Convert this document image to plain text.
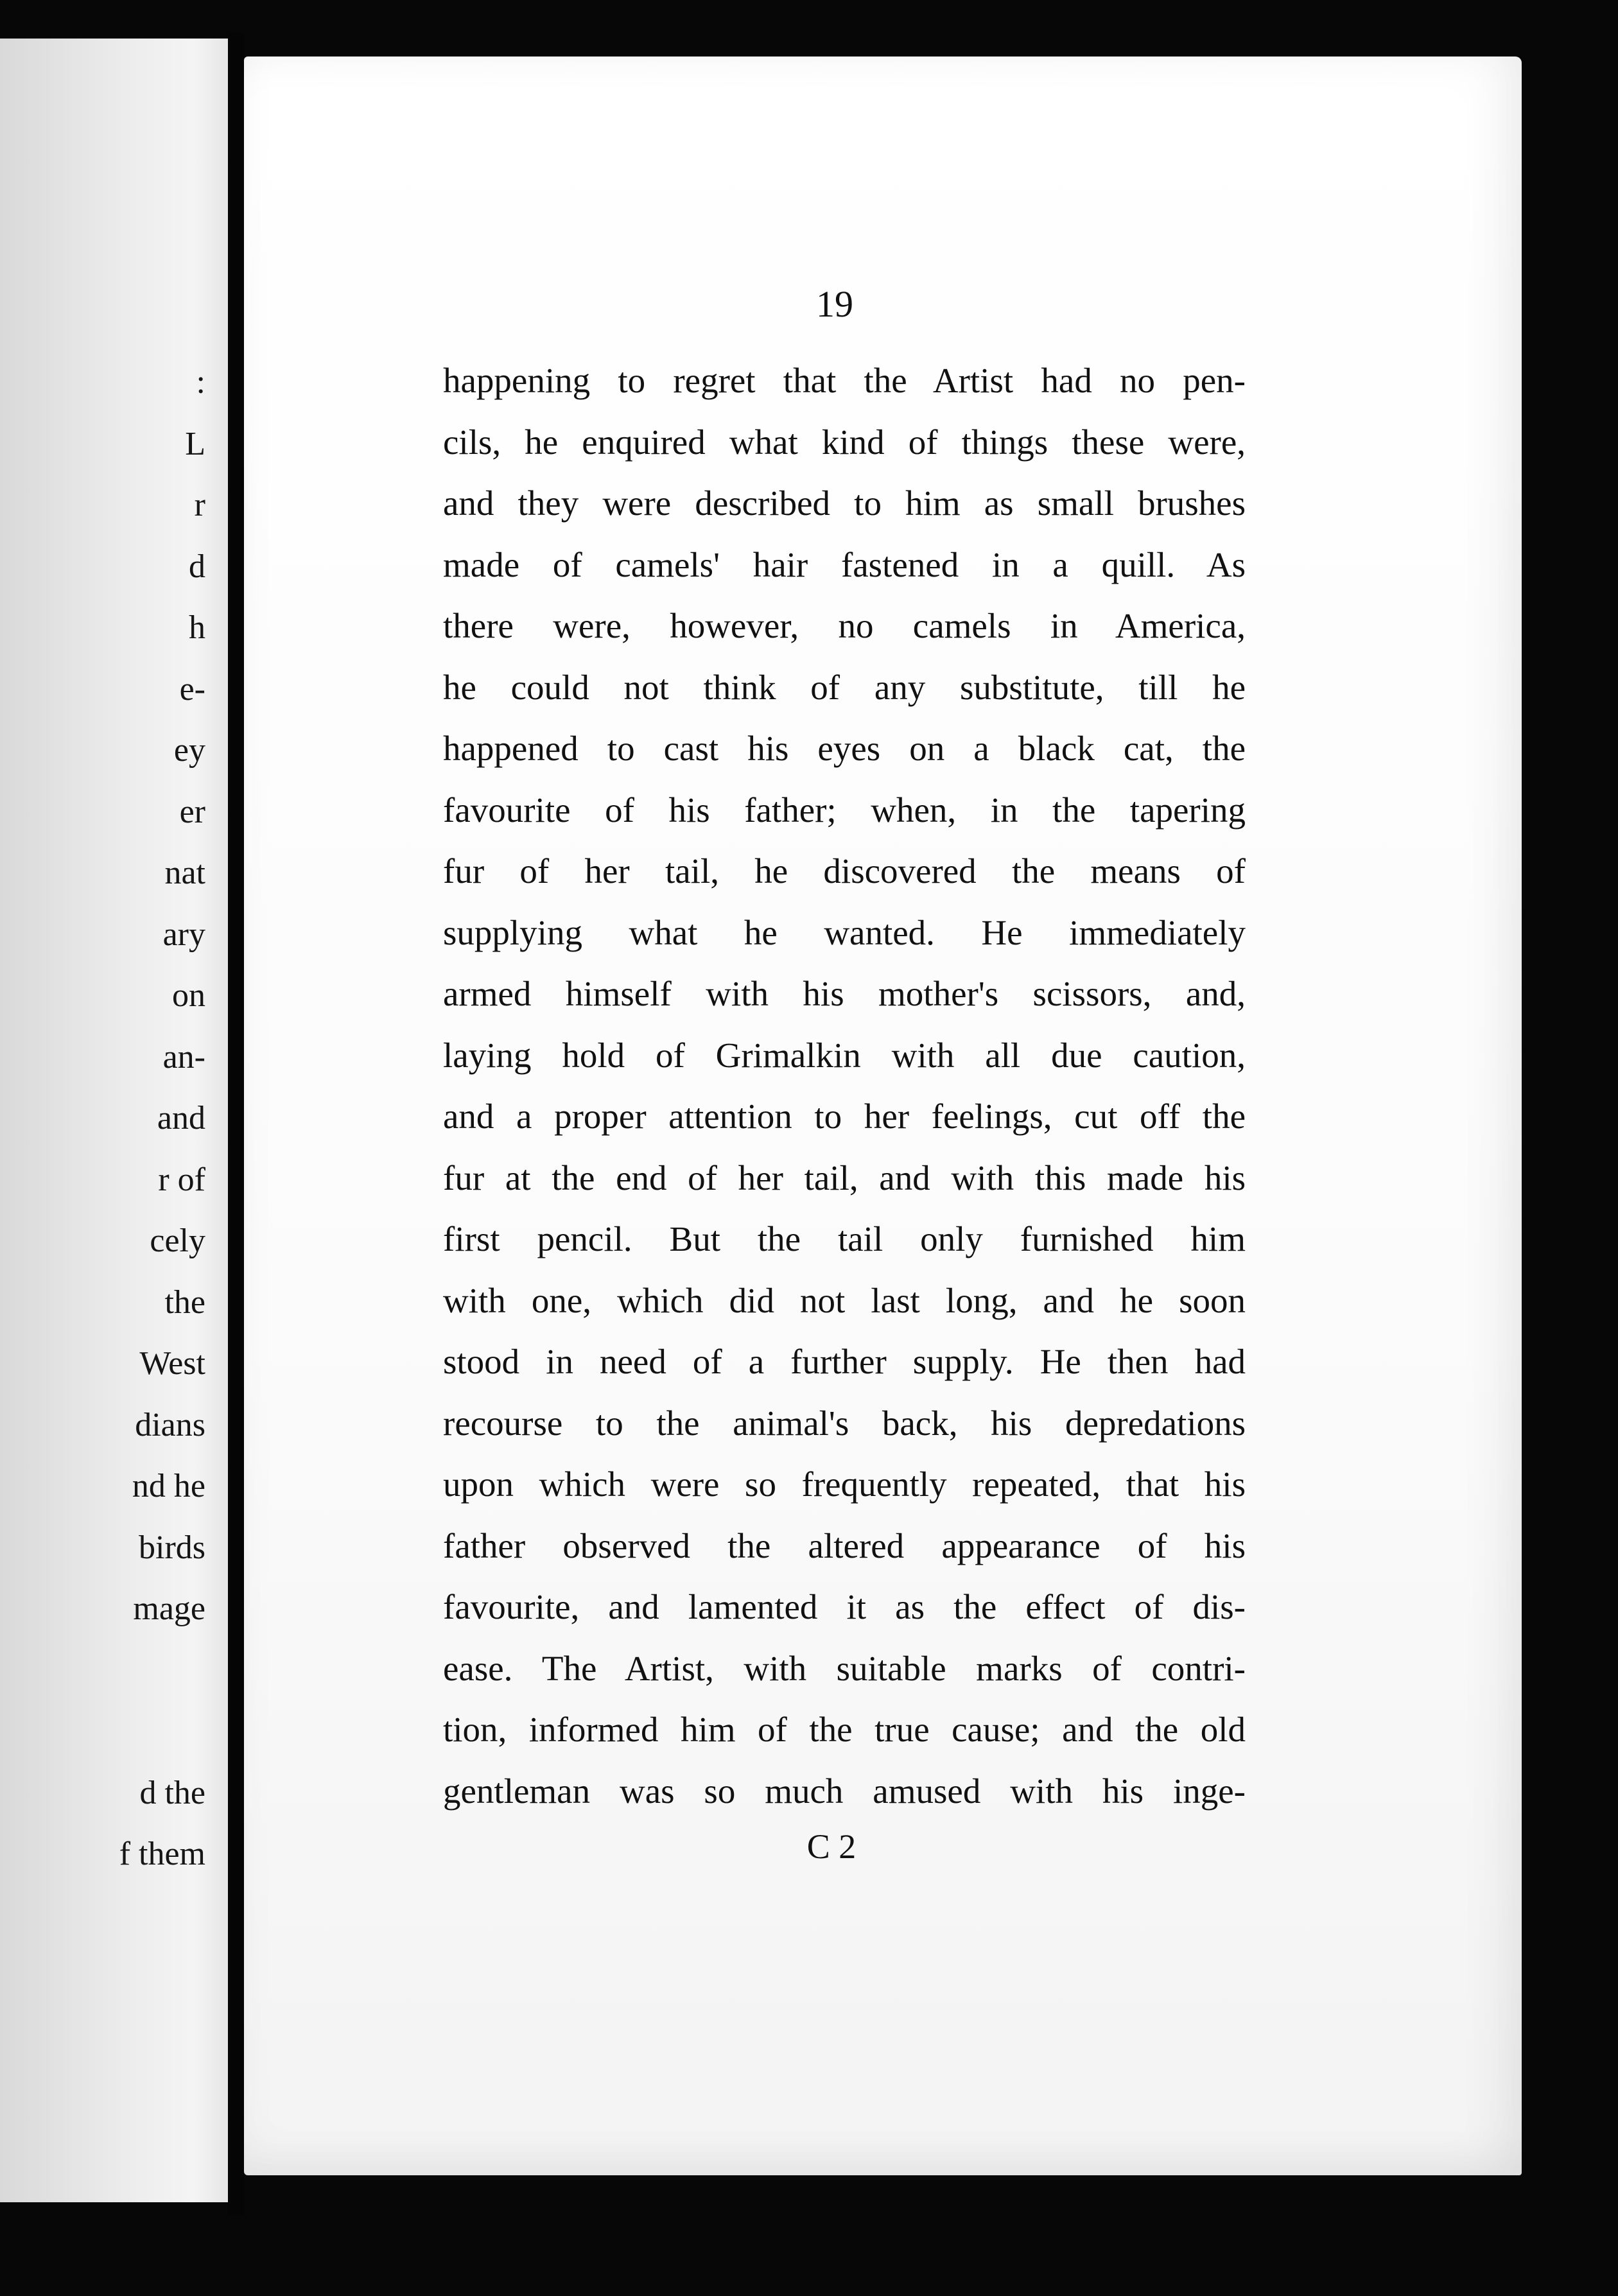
:
L
r
d
h
e-
ey
er
nat
ary
on
an-
and
r of
cely
the
West
dians
nd he
birds
mage
d the
f them
19
happening to regret that the Artist had no pen-
cils, he enquired what kind of things these were,
and they were described to him as small brushes
made of camels' hair fastened in a quill. As
there were, however, no camels in America,
he could not think of any substitute, till he
happened to cast his eyes on a black cat, the
favourite of his father; when, in the tapering
fur of her tail, he discovered the means of
supplying what he wanted. He immediately
armed himself with his mother's scissors, and,
laying hold of Grimalkin with all due caution,
and a proper attention to her feelings, cut off the
fur at the end of her tail, and with this made his
first pencil. But the tail only furnished him
with one, which did not last long, and he soon
stood in need of a further supply. He then had
recourse to the animal's back, his depredations
upon which were so frequently repeated, that his
father observed the altered appearance of his
favourite, and lamented it as the effect of dis-
ease. The Artist, with suitable marks of contri-
tion, informed him of the true cause; and the old
gentleman was so much amused with his inge-
C 2
